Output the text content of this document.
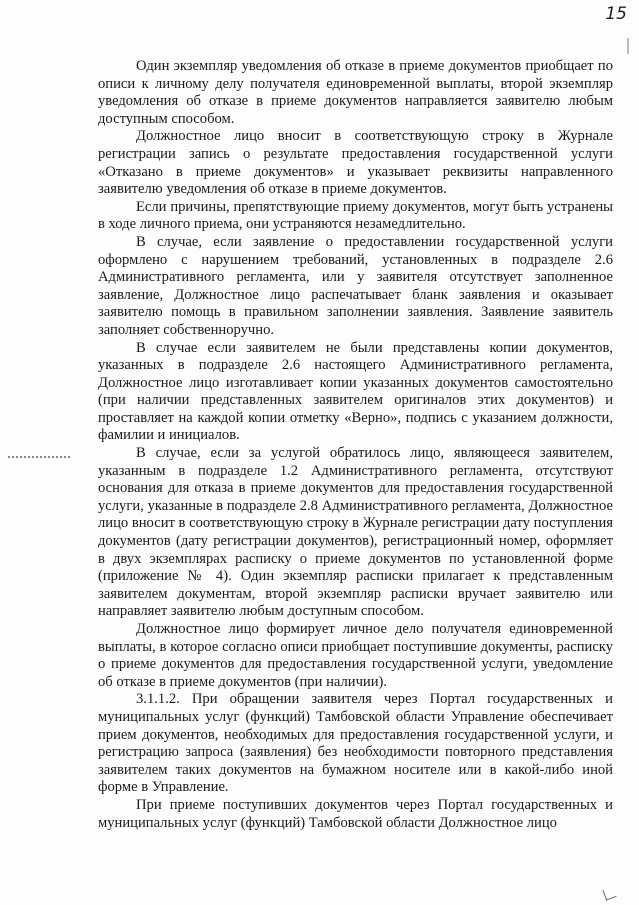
15

Один экземпляр уведомления об отказе в приеме документов приобщает по описи к личному делу получателя единовременной выплаты, второй экземпляр уведомления об отказе в приеме документов направляется заявителю любым доступным способом.

Должностное лицо вносит в соответствующую строку в Журнале регистрации запись о результате предоставления государственной услуги «Отказано в приеме документов» и указывает реквизиты направленного заявителю уведомления об отказе в приеме документов.

Если причины, препятствующие приему документов, могут быть устранены в ходе личного приема, они устраняются незамедлительно.

В случае, если заявление о предоставлении государственной услуги оформлено с нарушением требований, установленных в подразделе 2.6 Административного регламента, или у заявителя отсутствует заполненное заявление, Должностное лицо распечатывает бланк заявления и оказывает заявителю помощь в правильном заполнении заявления. Заявление заявитель заполняет собственноручно.

В случае если заявителем не были представлены копии документов, указанных в подразделе 2.6 настоящего Административного регламента, Должностное лицо изготавливает копии указанных документов самостоятельно (при наличии представленных заявителем оригиналов этих документов) и проставляет на каждой копии отметку «Верно», подпись с указанием должности, фамилии и инициалов.

В случае, если за услугой обратилось лицо, являющееся заявителем, указанным в подразделе 1.2 Административного регламента, отсутствуют основания для отказа в приеме документов для предоставления государственной услуги, указанные в подразделе 2.8 Административного регламента, Должностное лицо вносит в соответствующую строку в Журнале регистрации дату поступления документов (дату регистрации документов), регистрационный номер, оформляет в двух экземплярах расписку о приеме документов по установленной форме (приложение № 4). Один экземпляр расписки прилагает к представленным заявителем документам, второй экземпляр расписки вручает заявителю или направляет заявителю любым доступным способом.

Должностное лицо формирует личное дело получателя единовременной выплаты, в которое согласно описи приобщает поступившие документы, расписку о приеме документов для предоставления государственной услуги, уведомление об отказе в приеме документов (при наличии).

3.1.1.2. При обращении заявителя через Портал государственных и муниципальных услуг (функций) Тамбовской области Управление обеспечивает прием документов, необходимых для предоставления государственной услуги, и регистрацию запроса (заявления) без необходимости повторного представления заявителем таких документов на бумажном носителе или в какой-либо иной форме в Управление.

При приеме поступивших документов через Портал государственных и муниципальных услуг (функций) Тамбовской области Должностное лицо
